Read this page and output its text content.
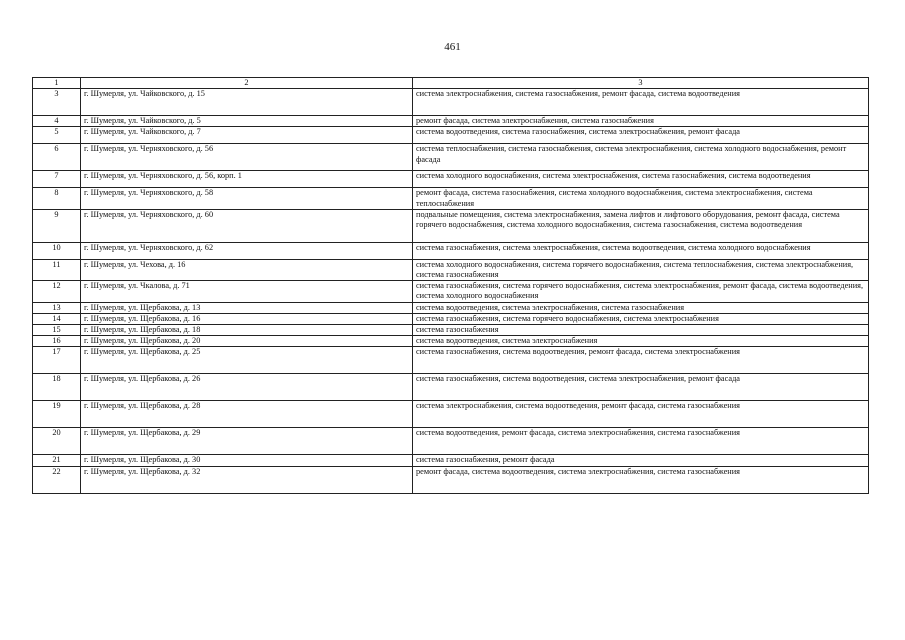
461
1	2	3
3	г. Шумерля, ул. Чайковского, д. 15	система электроснабжения, система газоснабжения, ремонт фасада, система водоотведения
4	г. Шумерля, ул. Чайковского, д. 5	ремонт фасада, система электроснабжения, система газоснабжения
5	г. Шумерля, ул. Чайковского, д. 7	система водоотведения, система газоснабжения, система электроснабжения, ремонт фасада
6	г. Шумерля, ул. Черняховского, д. 56	система теплоснабжения, система газоснабжения, система электроснабжения, система холодного водоснабжения, ремонт фасада
7	г. Шумерля, ул. Черняховского, д. 56, корп. 1	система холодного водоснабжения, система электроснабжения, система газоснабжения, система водоотведения
8	г. Шумерля, ул. Черняховского, д. 58	ремонт фасада, система газоснабжения, система холодного водоснабжения, система электроснабжения, система теплоснабжения
9	г. Шумерля, ул. Черняховского, д. 60	подвальные помещения, система электроснабжения, замена лифтов и лифтового оборудования, ремонт фасада, система горячего водоснабжения, система холодного водоснабжения, система газоснабжения, система водоотведения
10	г. Шумерля, ул. Черняховского, д. 62	система газоснабжения, система электроснабжения, система водоотведения, система холодного водоснабжения
11	г. Шумерля, ул. Чехова, д. 16	система холодного водоснабжения, система горячего водоснабжения, система теплоснабжения, система электроснабжения, система газоснабжения
12	г. Шумерля, ул. Чкалова, д. 71	система газоснабжения, система горячего водоснабжения, система электроснабжения, ремонт фасада, система водоотведения, система холодного водоснабжения
13	г. Шумерля, ул. Щербакова, д. 13	система водоотведения, система электроснабжения, система газоснабжения
14	г. Шумерля, ул. Щербакова, д. 16	система газоснабжения, система горячего водоснабжения, система электроснабжения
15	г. Шумерля, ул. Щербакова, д. 18	система газоснабжения
16	г. Шумерля, ул. Щербакова, д. 20	система водоотведения, система электроснабжения
17	г. Шумерля, ул. Щербакова, д. 25	система газоснабжения, система водоотведения, ремонт фасада, система электроснабжения
18	г. Шумерля, ул. Щербакова, д. 26	система газоснабжения, система водоотведения, система электроснабжения, ремонт фасада
19	г. Шумерля, ул. Щербакова, д. 28	система электроснабжения, система водоотведения, ремонт фасада, система газоснабжения
20	г. Шумерля, ул. Щербакова, д. 29	система водоотведения, ремонт фасада, система электроснабжения, система газоснабжения
21	г. Шумерля, ул. Щербакова, д. 30	система газоснабжения, ремонт фасада
22	г. Шумерля, ул. Щербакова, д. 32	ремонт фасада, система водоотведения, система электроснабжения, система газоснабжения
